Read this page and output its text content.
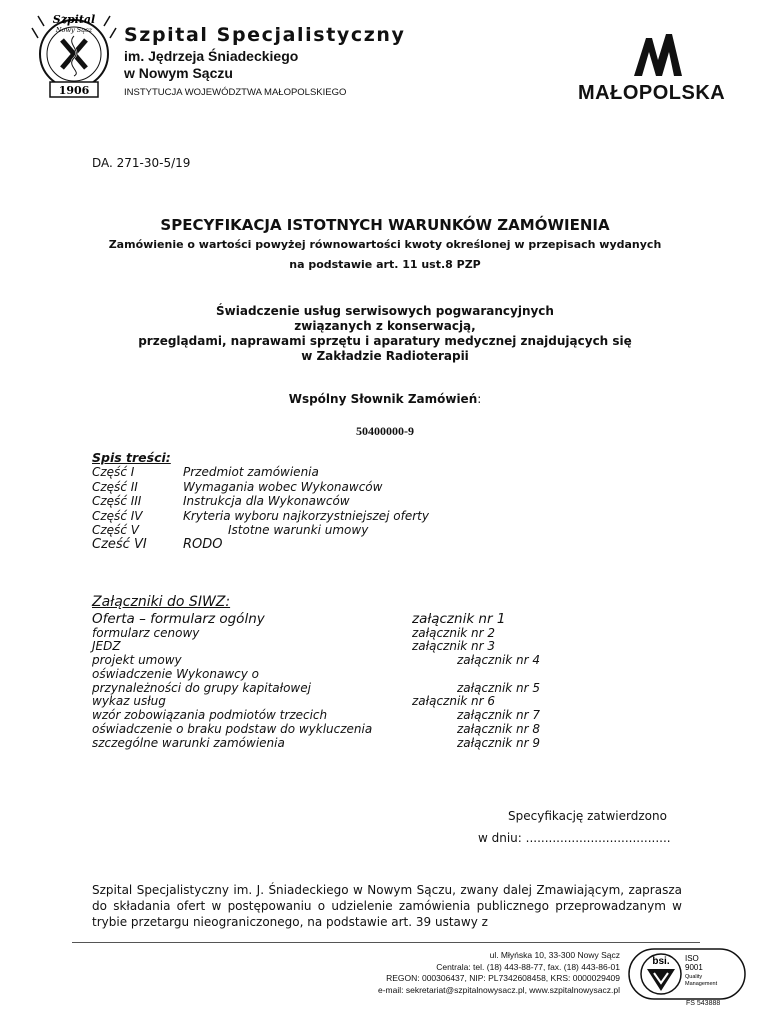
Szpital
Nowy Sącz
1906
Szpital Specjalistyczny
im. Jędrzeja Śniadeckiego
w Nowym Sączu
INSTYTUCJA WOJEWÓDZTWA MAŁOPOLSKIEGO	MAŁOPOLSKA
DA. 271-30-5/19
SPECYFIKACJA ISTOTNYCH WARUNKÓW ZAMÓWIENIA
Zamówienie o wartości powyżej równowartości kwoty określonej w przepisach wydanych
na podstawie art. 11 ust.8 PZP
Świadczenie usług serwisowych pogwarancyjnych
związanych z konserwacją,
przeglądami, naprawami sprzętu i aparatury medycznej znajdujących się
w Zakładzie Radioterapii
Wspólny Słownik Zamówień:
50400000-9
Spis treści:
Część I	Przedmiot zamówienia
Część II	Wymagania wobec Wykonawców
Część III	Instrukcja dla Wykonawców
Część IV	Kryteria wyboru najkorzystniejszej oferty
Część V	Istotne warunki umowy
Cześć VI	RODO
Załączniki do SIWZ:
Oferta – formularz ogólny	załącznik nr 1
formularz cenowy	załącznik nr 2
JEDZ	załącznik nr 3
projekt umowy	załącznik nr 4
oświadczenie Wykonawcy o
przynależności do grupy kapitałowej	załącznik nr 5
wykaz usług	załącznik nr 6
wzór zobowiązania podmiotów trzecich	załącznik nr 7
oświadczenie o braku podstaw do wykluczenia	załącznik nr 8
szczególne warunki zamówienia	załącznik nr 9
Specyfikację zatwierdzono
w dniu: ......................................
Szpital Specjalistyczny im. J. Śniadeckiego w Nowym Sączu, zwany dalej Zmawiającym, zaprasza do składania ofert w postępowaniu o udzielenie zamówienia publicznego przeprowadzanym w trybie przetargu nieograniczonego, na podstawie art. 39 ustawy z
ul. Młyńska 10, 33-300 Nowy Sącz
Centrala: tel. (18) 443-88-77, fax. (18) 443-86-01
REGON: 000306437, NIP: PL7342608458, KRS: 0000029409
e-mail: sekretariat@szpitalnowysacz.pl, www.szpitalnowysacz.pl
bsi. ISO
9001
Quality
Management
FS 543888
